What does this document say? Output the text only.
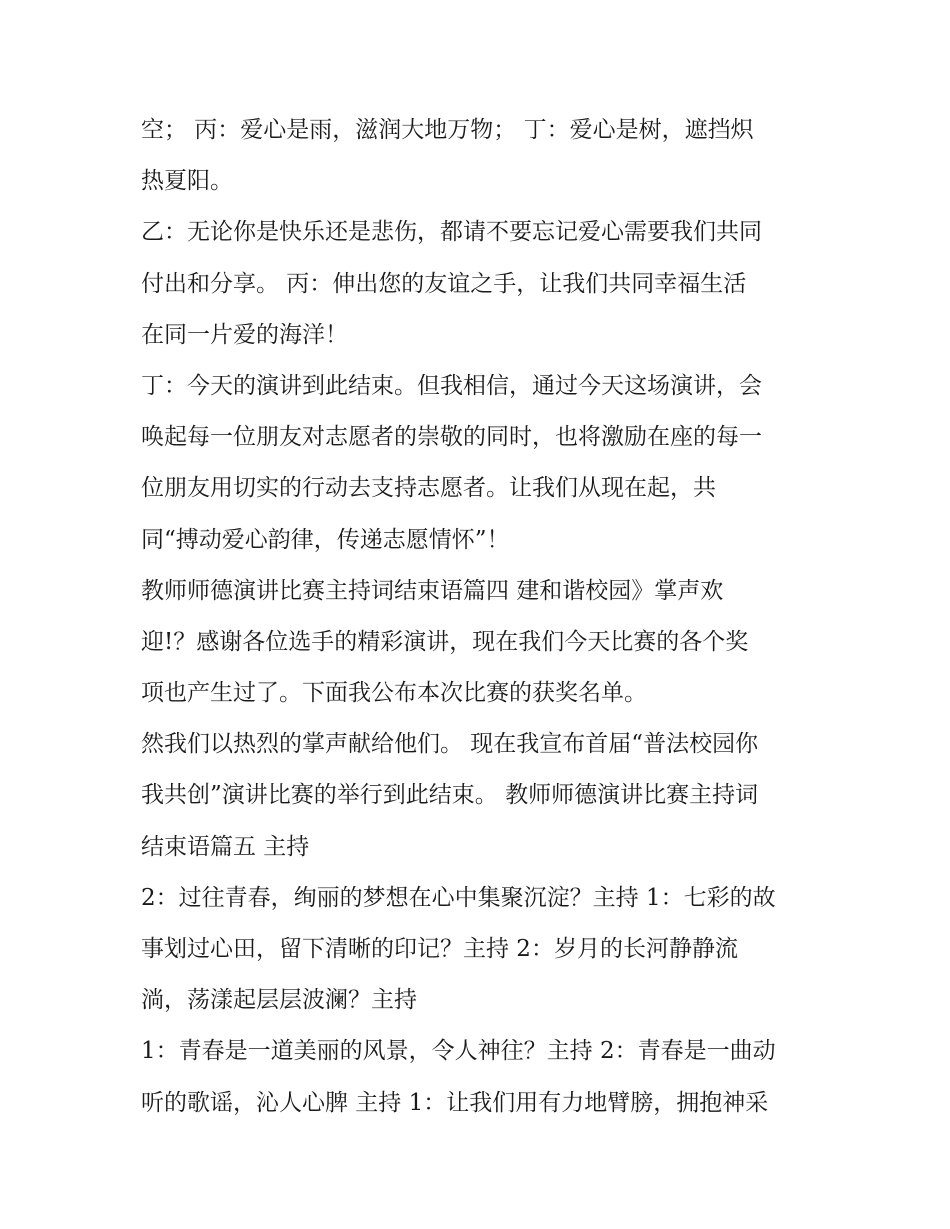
空； 丙：爱心是雨，滋润大地万物； 丁：爱心是树，遮挡炽
热夏阳。
乙：无论你是快乐还是悲伤，都请不要忘记爱心需要我们共同
付出和分享。 丙：伸出您的友谊之手，让我们共同幸福生活
在同一片爱的海洋！
丁：今天的演讲到此结束。但我相信，通过今天这场演讲，会
唤起每一位朋友对志愿者的崇敬的同时，也将激励在座的每一
位朋友用切实的行动去支持志愿者。让我们从现在起，共
同“搏动爱心韵律，传递志愿情怀”！
教师师德演讲比赛主持词结束语篇四 建和谐校园》掌声欢
迎!？感谢各位选手的精彩演讲，现在我们今天比赛的各个奖
项也产生过了。下面我公布本次比赛的获奖名单。
然我们以热烈的掌声献给他们。 现在我宣布首届“普法校园你
我共创”演讲比赛的举行到此结束。 教师师德演讲比赛主持词
结束语篇五 主持
2：过往青春，绚丽的梦想在心中集聚沉淀？主持 1：七彩的故
事划过心田，留下清晰的印记？主持 2：岁月的长河静静流
淌，荡漾起层层波澜？主持
1：青春是一道美丽的风景，令人神往？主持 2：青春是一曲动
听的歌谣，沁人心脾 主持 1：让我们用有力地臂膀，拥抱神采
